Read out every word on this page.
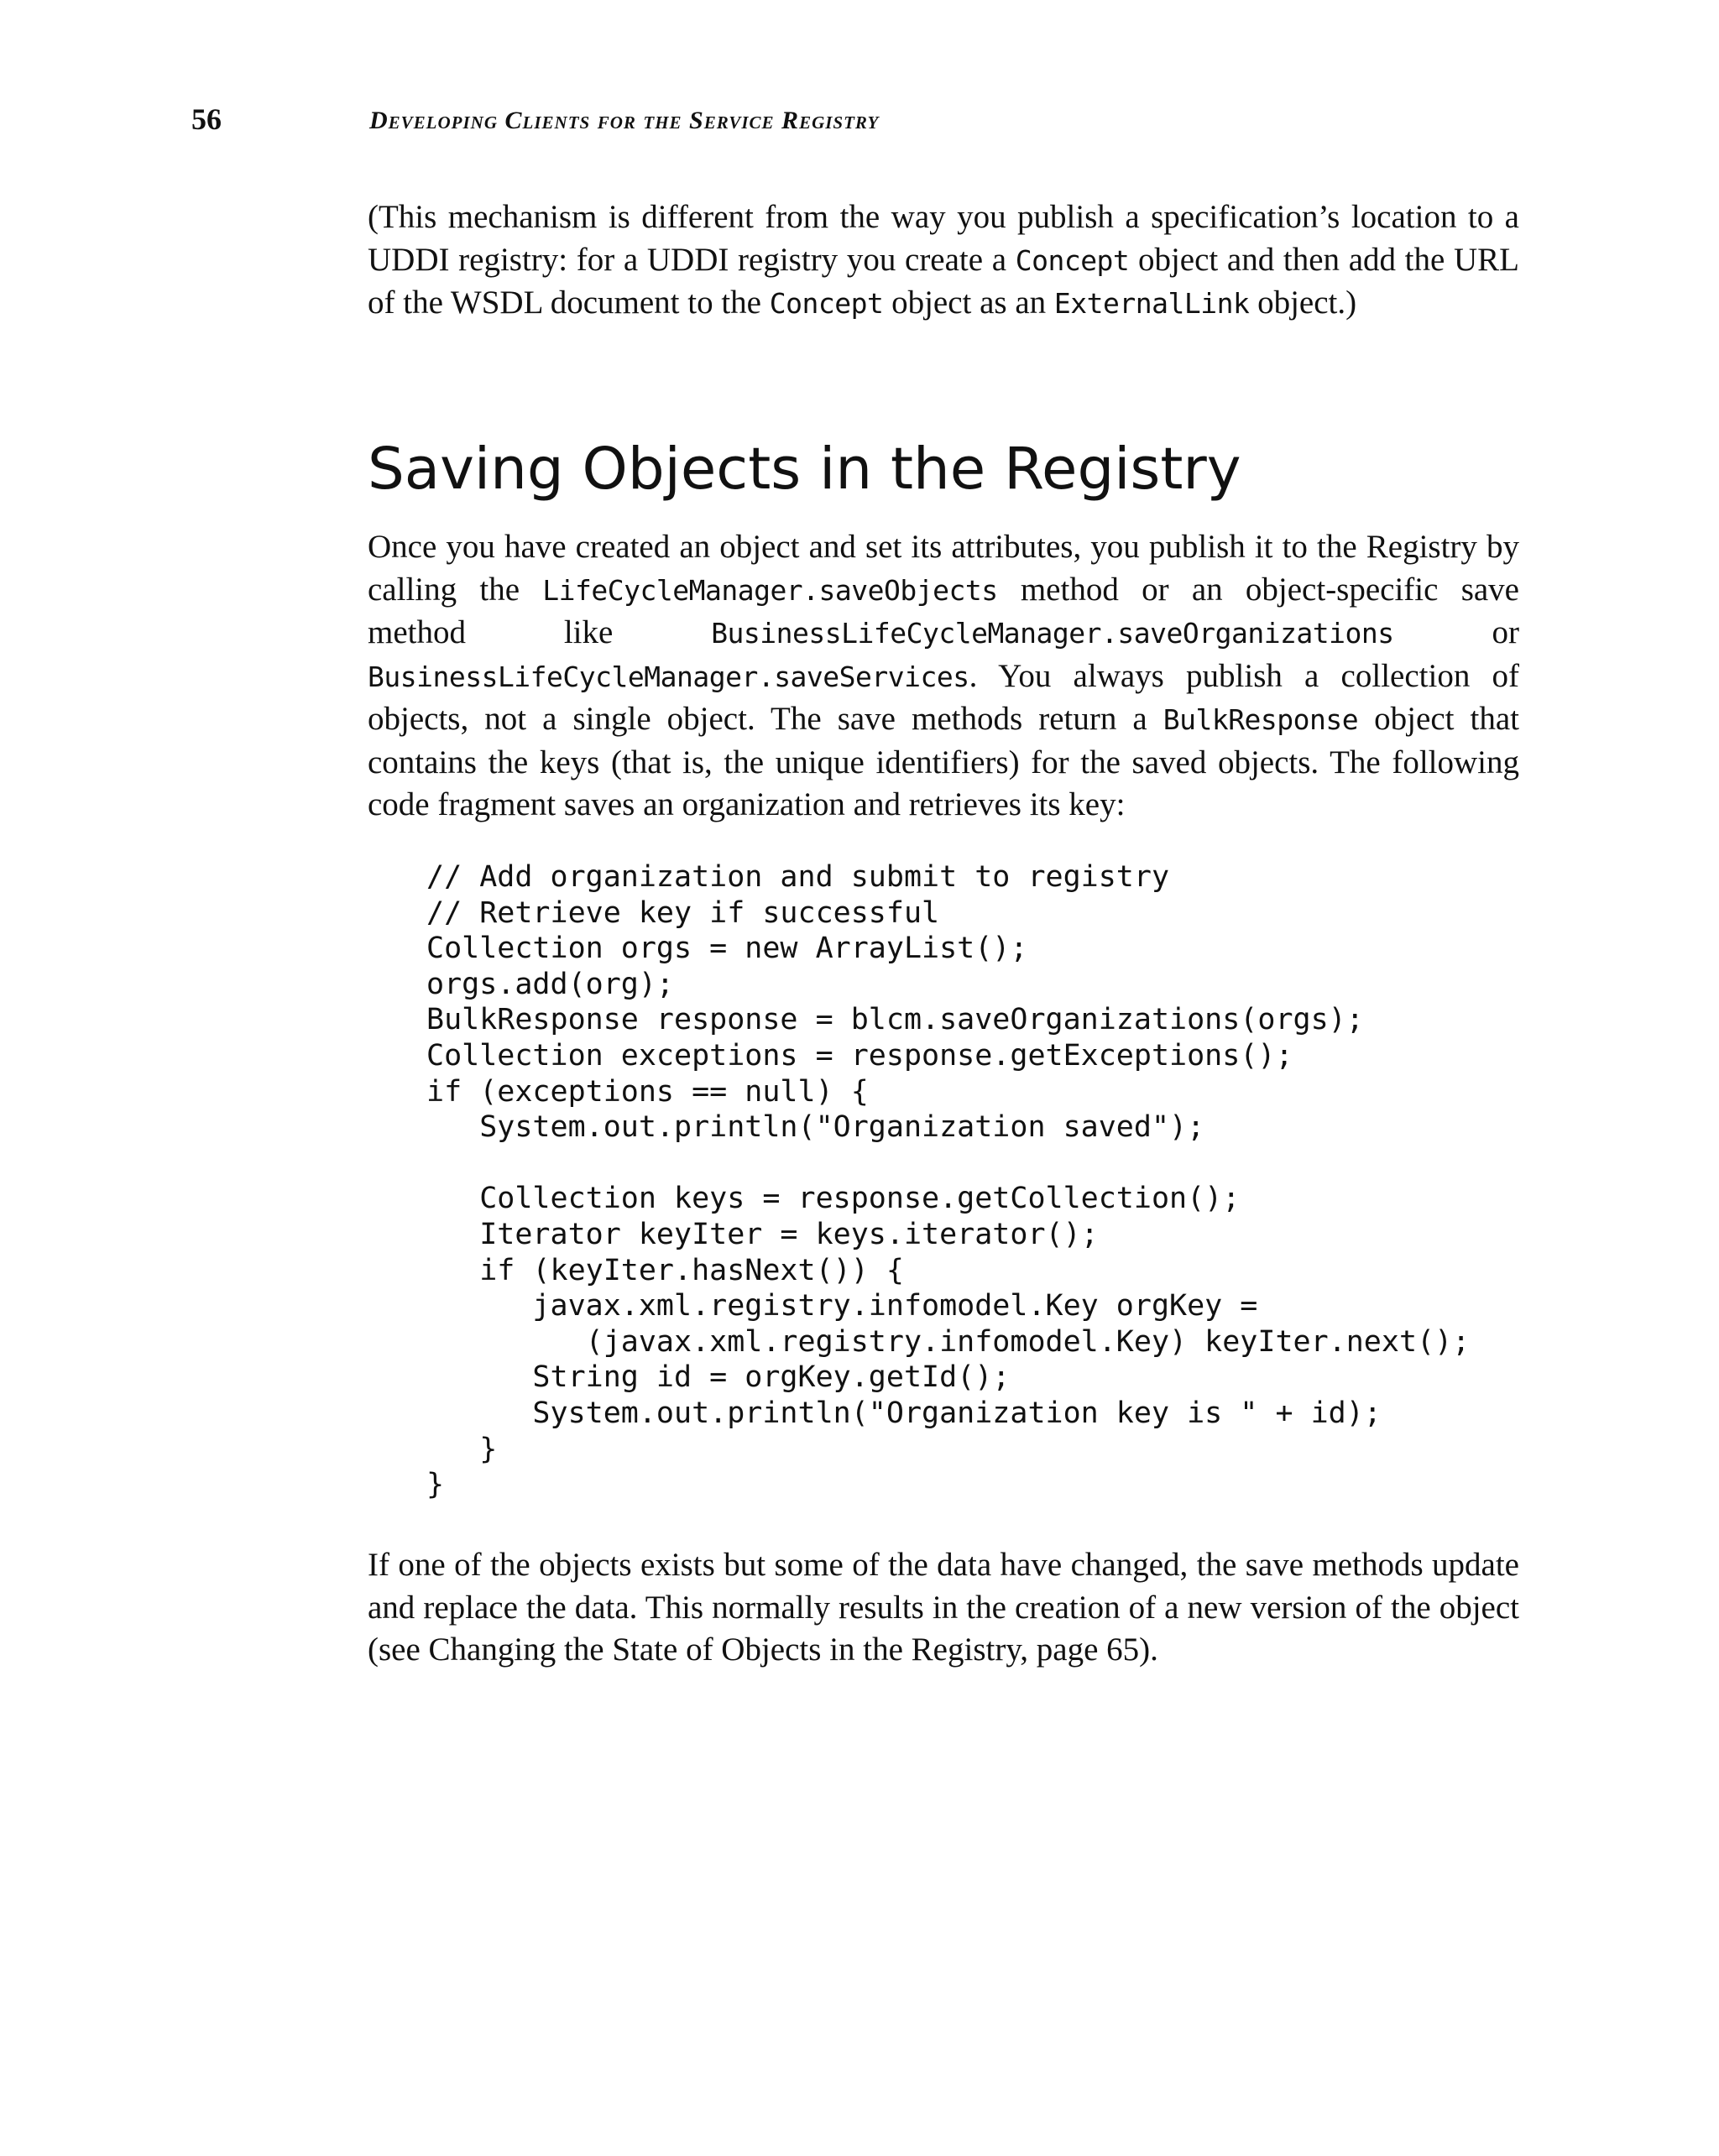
56	Developing Clients for the Service Registry

(This mechanism is different from the way you publish a specification’s location to a UDDI registry: for a UDDI registry you create a Concept object and then add the URL of the WSDL document to the Concept object as an ExternalLink object.)

Saving Objects in the Registry

Once you have created an object and set its attributes, you publish it to the Registry by calling the LifeCycleManager.saveObjects method or an object-specific save method like BusinessLifeCycleManager.saveOrganizations or BusinessLifeCycleManager.saveServices. You always publish a collection of objects, not a single object. The save methods return a BulkResponse object that contains the keys (that is, the unique identifiers) for the saved objects. The following code fragment saves an organization and retrieves its key:

// Add organization and submit to registry
// Retrieve key if successful
Collection orgs = new ArrayList();
orgs.add(org);
BulkResponse response = blcm.saveOrganizations(orgs);
Collection exceptions = response.getExceptions();
if (exceptions == null) {
System.out.println("Organization saved");

Collection keys = response.getCollection();
Iterator keyIter = keys.iterator();
if (keyIter.hasNext()) {
javax.xml.registry.infomodel.Key orgKey =
(javax.xml.registry.infomodel.Key) keyIter.next();
String id = orgKey.getId();
System.out.println("Organization key is " + id);
}
}

If one of the objects exists but some of the data have changed, the save methods update and replace the data. This normally results in the creation of a new version of the object (see Changing the State of Objects in the Registry, page 65).
